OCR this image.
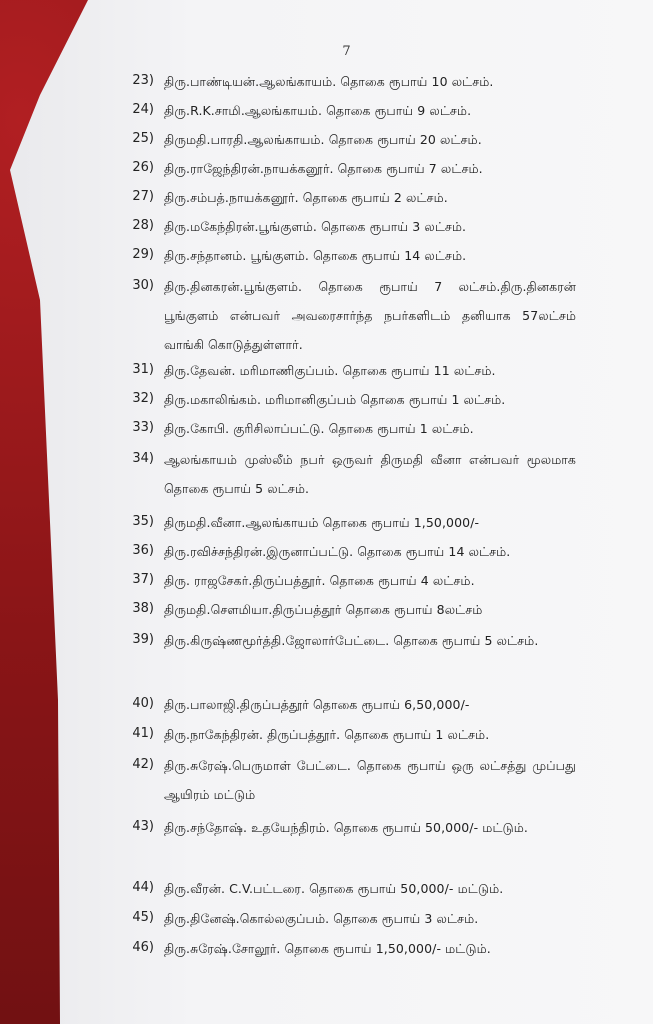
7
23) திரு.பாண்டியன்.ஆலங்காயம். தொகை ரூபாய் 10 லட்சம்.
24) திரு.R.K.சாமி.ஆலங்காயம். தொகை ரூபாய் 9 லட்சம்.
25) திருமதி.பாரதி.ஆலங்காயம். தொகை ரூபாய் 20 லட்சம்.
26) திரு.ராஜேந்திரன்.நாயக்கனூர். தொகை ரூபாய் 7 லட்சம்.
27) திரு.சம்பத்.நாயக்கனூர். தொகை ரூபாய் 2 லட்சம்.
28) திரு.மகேந்திரன்.பூங்குளம். தொகை ரூபாய் 3 லட்சம்.
29) திரு.சந்தானம். பூங்குளம். தொகை ரூபாய் 14 லட்சம்.
30) திரு.தினகரன்.பூங்குளம். தொகை ரூபாய் 7 லட்சம்.திரு.தினகரன் பூங்குளம் என்பவர் அவரைசார்ந்த நபர்களிடம் தனியாக 57லட்சம் வாங்கி கொடுத்துள்ளார்.
31) திரு.தேவன். மரிமாணிகுப்பம். தொகை ரூபாய் 11 லட்சம்.
32) திரு.மகாலிங்கம். மரிமானிகுப்பம் தொகை ரூபாய் 1 லட்சம்.
33) திரு.கோபி. குரிசிலாப்பட்டு. தொகை ரூபாய் 1 லட்சம்.
34) ஆலங்காயம் முஸ்லீம் நபர் ஒருவர் திருமதி வீனா என்பவர் மூலமாக தொகை ரூபாய் 5 லட்சம்.
35) திருமதி.வீனா.ஆலங்காயம் தொகை ரூபாய் 1,50,000/-
36) திரு.ரவிச்சந்திரன்.இருனாப்பட்டு. தொகை ரூபாய் 14 லட்சம்.
37) திரு. ராஜசேகர்.திருப்பத்தூர். தொகை ரூபாய் 4 லட்சம்.
38) திருமதி.சௌமியா.திருப்பத்தூர் தொகை ரூபாய் 8லட்சம்
39) திரு.கிருஷ்ணமூர்த்தி.ஜோலார்பேட்டை. தொகை ரூபாய் 5 லட்சம்.
40) திரு.பாலாஜி.திருப்பத்தூர் தொகை ரூபாய் 6,50,000/-
41) திரு.நாகேந்திரன். திருப்பத்தூர். தொகை ரூபாய் 1 லட்சம்.
42) திரு.சுரேஷ்.பெருமாள் பேட்டை. தொகை ரூபாய் ஒரு லட்சத்து முப்பது ஆயிரம் மட்டும்
43) திரு.சந்தோஷ். உதயேந்திரம். தொகை ரூபாய் 50,000/- மட்டும்.
44) திரு.வீரன். C.V.பட்டரை. தொகை ரூபாய் 50,000/- மட்டும்.
45) திரு.தினேஷ்.கொல்லகுப்பம். தொகை ரூபாய் 3 லட்சம்.
46) திரு.சுரேஷ்.சோலூர். தொகை ரூபாய் 1,50,000/- மட்டும்.
